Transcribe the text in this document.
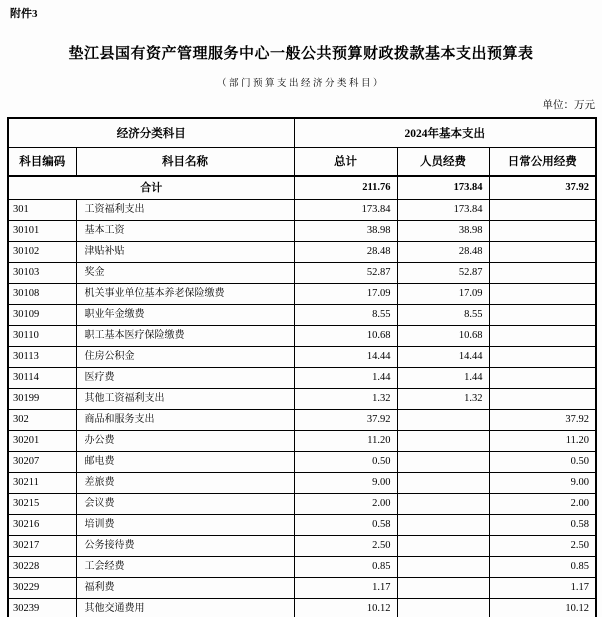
附件3
垫江县国有资产管理服务中心一般公共预算财政拨款基本支出预算表
（部门预算支出经济分类科目）
单位：万元
经济分类科目		2024年基本支出		
科目编码	科目名称	总计	人员经费	日常公用经费
合计		211.76	173.84	37.92
301	工资福利支出	173.84	173.84	
30101	基本工资	38.98	38.98	
30102	津贴补贴	28.48	28.48	
30103	奖金	52.87	52.87	
30108	机关事业单位基本养老保险缴费	17.09	17.09	
30109	职业年金缴费	8.55	8.55	
30110	职工基本医疗保险缴费	10.68	10.68	
30113	住房公积金	14.44	14.44	
30114	医疗费	1.44	1.44	
30199	其他工资福利支出	1.32	1.32	
302	商品和服务支出	37.92		37.92
30201	办公费	11.20		11.20
30207	邮电费	0.50		0.50
30211	差旅费	9.00		9.00
30215	会议费	2.00		2.00
30216	培训费	0.58		0.58
30217	公务接待费	2.50		2.50
30228	工会经费	0.85		0.85
30229	福利费	1.17		1.17
30239	其他交通费用	10.12		10.12
